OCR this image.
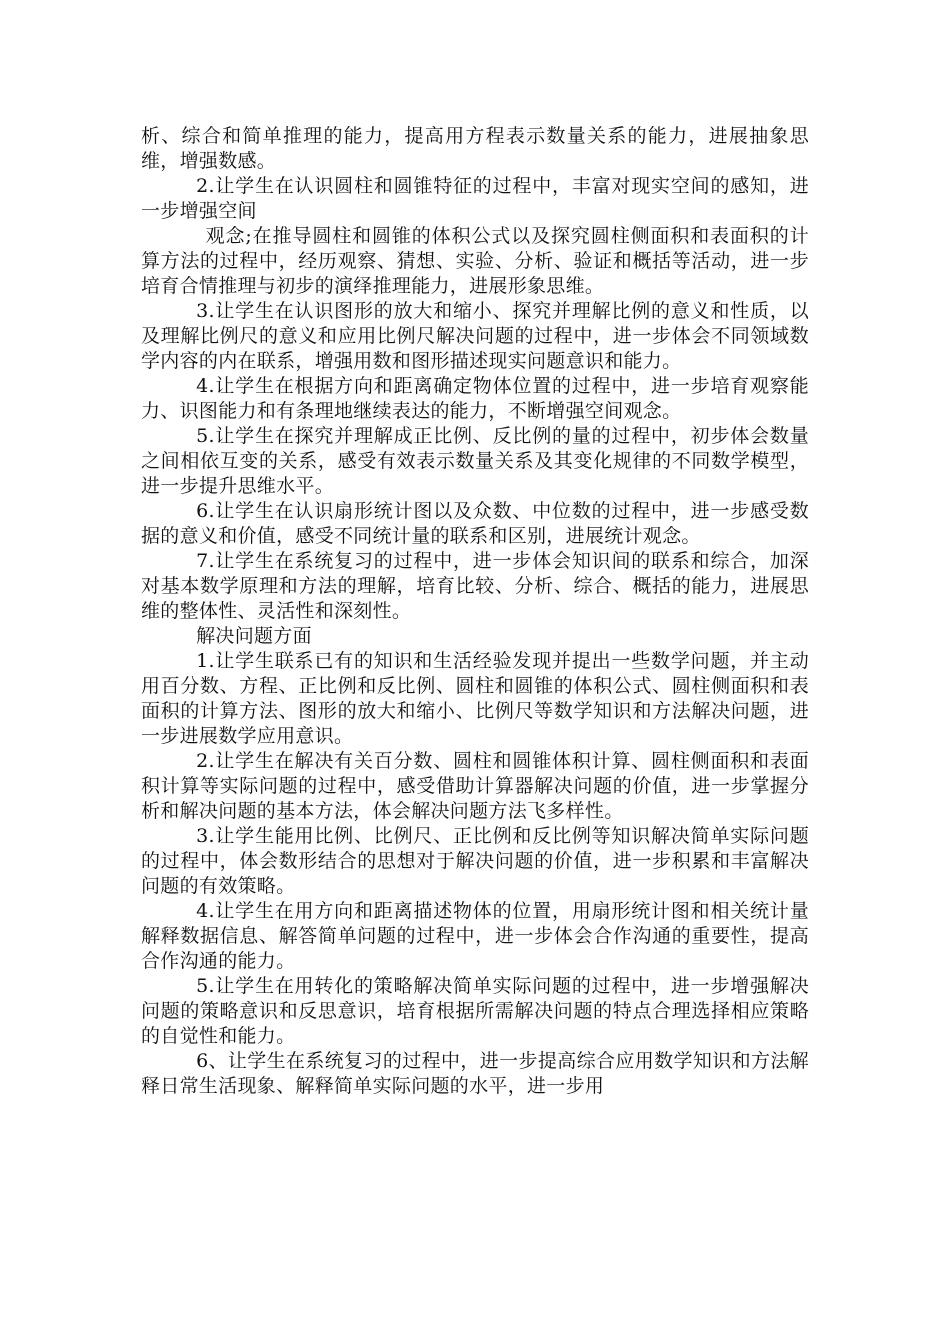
析、综合和简单推理的能力，提高用方程表示数量关系的能力，进展抽象思维，增强数感。

2.让学生在认识圆柱和圆锥特征的过程中，丰富对现实空间的感知，进一步增强空间

观念;在推导圆柱和圆锥的体积公式以及探究圆柱侧面积和表面积的计算方法的过程中，经历观察、猜想、实验、分析、验证和概括等活动，进一步培育合情推理与初步的演绎推理能力，进展形象思维。

3.让学生在认识图形的放大和缩小、探究并理解比例的意义和性质，以及理解比例尺的意义和应用比例尺解决问题的过程中，进一步体会不同领域数学内容的内在联系，增强用数和图形描述现实问题意识和能力。

4.让学生在根据方向和距离确定物体位置的过程中，进一步培育观察能力、识图能力和有条理地继续表达的能力，不断增强空间观念。

5.让学生在探究并理解成正比例、反比例的量的过程中，初步体会数量之间相依互变的关系，感受有效表示数量关系及其变化规律的不同数学模型，进一步提升思维水平。

6.让学生在认识扇形统计图以及众数、中位数的过程中，进一步感受数据的意义和价值，感受不同统计量的联系和区别，进展统计观念。

7.让学生在系统复习的过程中，进一步体会知识间的联系和综合，加深对基本数学原理和方法的理解，培育比较、分析、综合、概括的能力，进展思维的整体性、灵活性和深刻性。

解决问题方面

1.让学生联系已有的知识和生活经验发现并提出一些数学问题，并主动用百分数、方程、正比例和反比例、圆柱和圆锥的体积公式、圆柱侧面积和表面积的计算方法、图形的放大和缩小、比例尺等数学知识和方法解决问题，进一步进展数学应用意识。

2.让学生在解决有关百分数、圆柱和圆锥体积计算、圆柱侧面积和表面积计算等实际问题的过程中，感受借助计算器解决问题的价值，进一步掌握分析和解决问题的基本方法，体会解决问题方法飞多样性。

3.让学生能用比例、比例尺、正比例和反比例等知识解决简单实际问题的过程中，体会数形结合的思想对于解决问题的价值，进一步积累和丰富解决问题的有效策略。

4.让学生在用方向和距离描述物体的位置，用扇形统计图和相关统计量解释数据信息、解答简单问题的过程中，进一步体会合作沟通的重要性，提高合作沟通的能力。

5.让学生在用转化的策略解决简单实际问题的过程中，进一步增强解决问题的策略意识和反思意识，培育根据所需解决问题的特点合理选择相应策略的自觉性和能力。

6、让学生在系统复习的过程中，进一步提高综合应用数学知识和方法解释日常生活现象、解释简单实际问题的水平，进一步用
